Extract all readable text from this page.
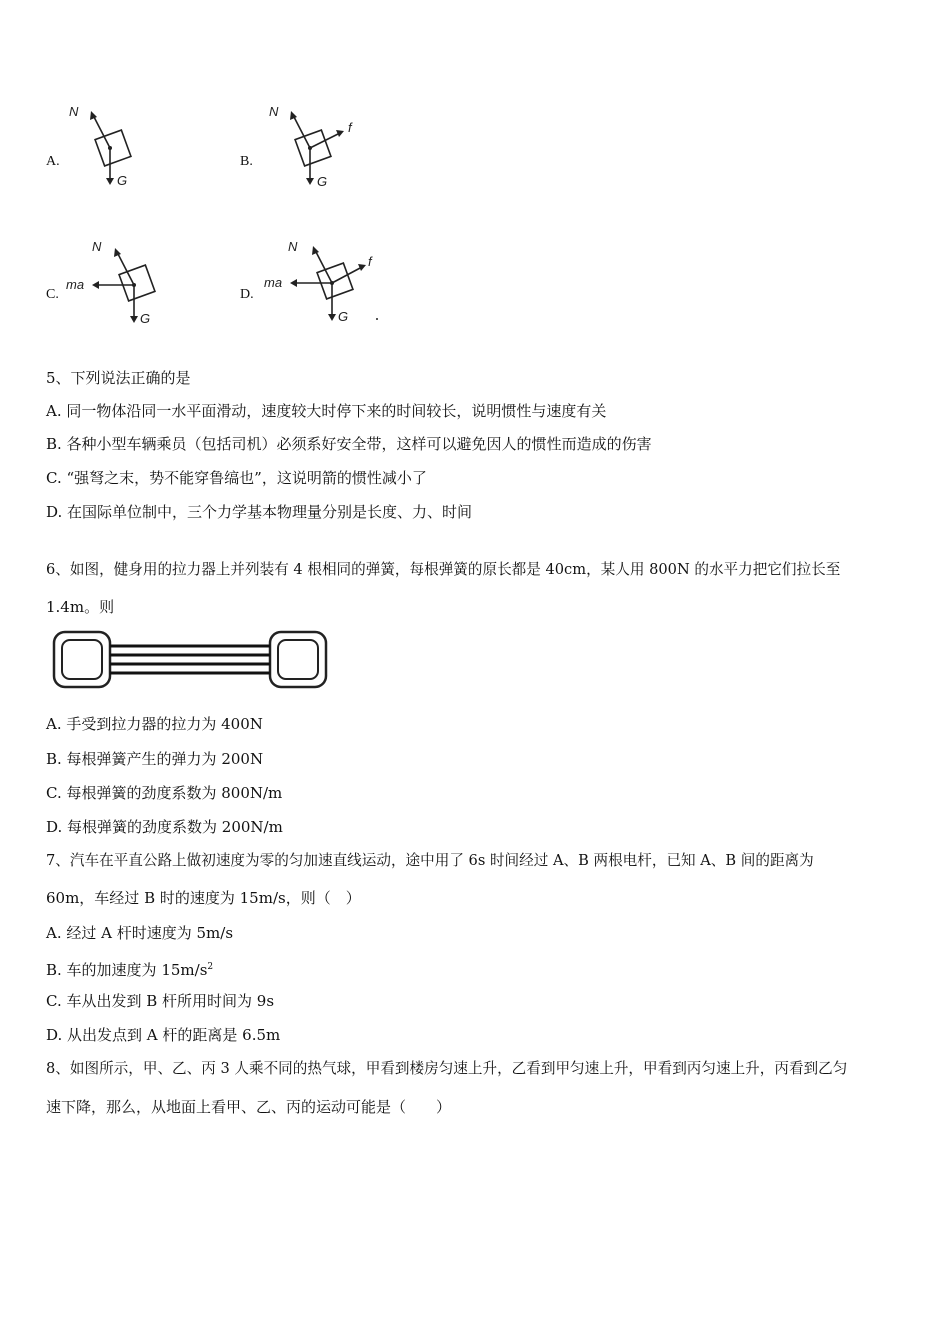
A.
N
G
B.
N
G
f
C.
N
G
ma
D.
N
G
ma
f
5、下列说法正确的是
A. 同一物体沿同一水平面滑动，速度较大时停下来的时间较长，说明惯性与速度有关
B. 各种小型车辆乘员（包括司机）必须系好安全带，这样可以避免因人的惯性而造成的伤害
C. “强弩之末，势不能穿鲁缟也”，这说明箭的惯性减小了
D. 在国际单位制中，三个力学基本物理量分别是长度、力、时间
6、如图，健身用的拉力器上并列装有 4 根相同的弹簧，每根弹簧的原长都是 40cm，某人用 800N 的水平力把它们拉长至
1.4m。则
A. 手受到拉力器的拉力为 400N
B. 每根弹簧产生的弹力为 200N
C. 每根弹簧的劲度系数为 800N/m
D. 每根弹簧的劲度系数为 200N/m
7、汽车在平直公路上做初速度为零的匀加速直线运动，途中用了 6s 时间经过 A、B 两根电杆，已知 A、B 间的距离为
60m，车经过 B 时的速度为 15m/s，则（　）
A. 经过 A 杆时速度为 5m/s
B. 车的加速度为 $15m/s^2$
C. 车从出发到 B 杆所用时间为 9s
D. 从出发点到 A 杆的距离是 6.5m
8、如图所示，甲、乙、丙 3 人乘不同的热气球，甲看到楼房匀速上升，乙看到甲匀速上升，甲看到丙匀速上升，丙看到乙匀
速下降，那么，从地面上看甲、乙、丙的运动可能是（　　）
